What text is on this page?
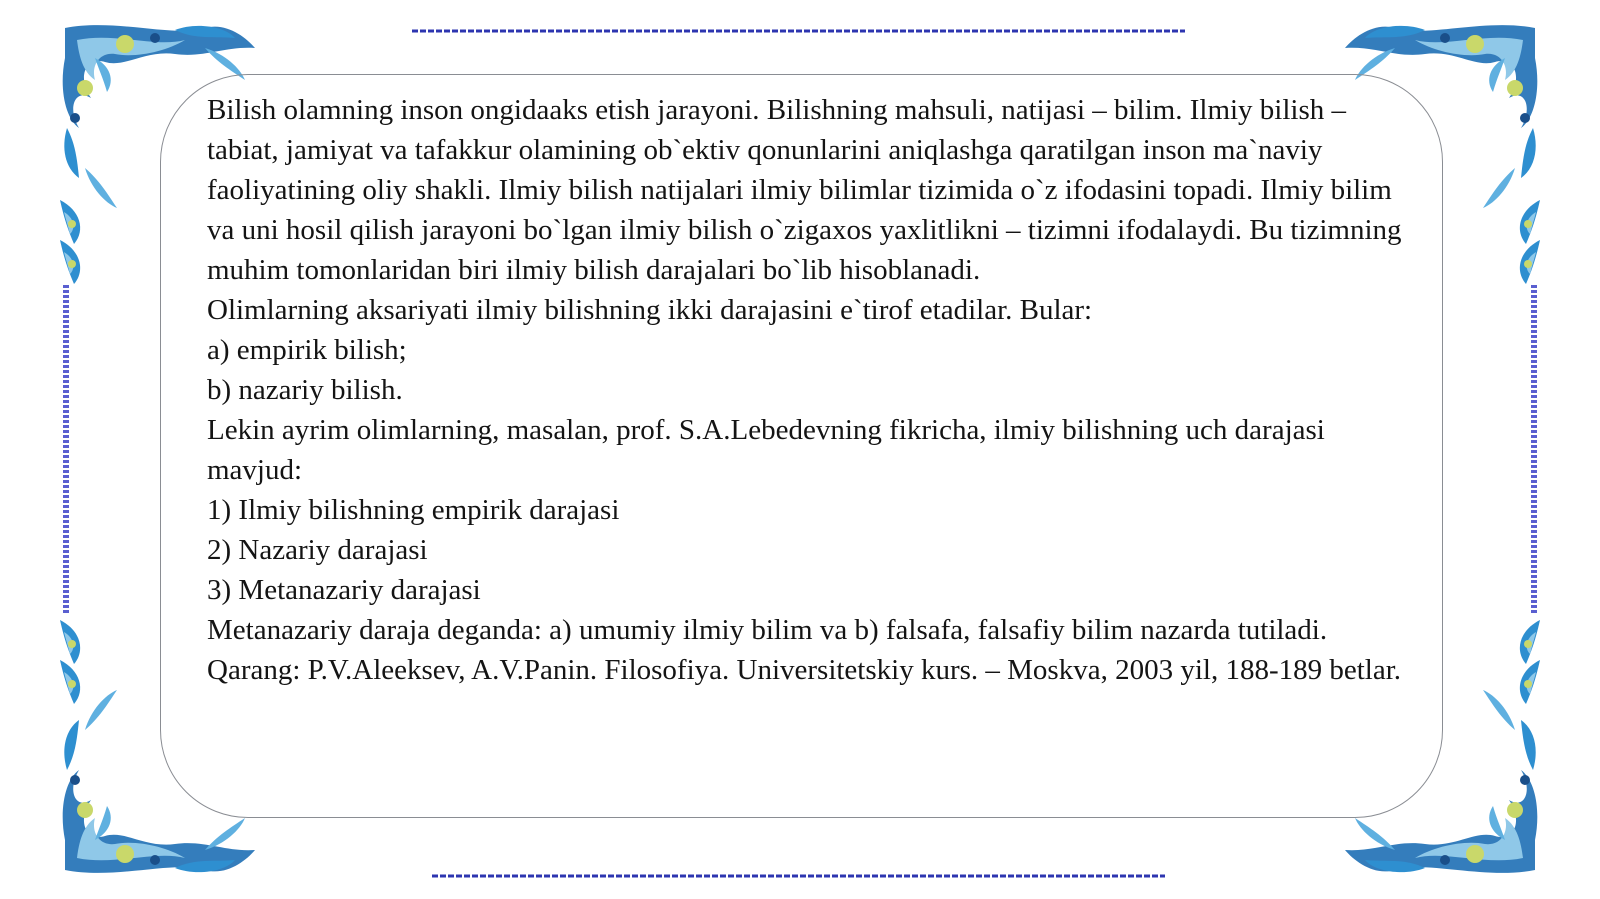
Bilish olamning inson ongidaaks etish jarayoni. Bilishning mahsuli, natijasi – bilim. Ilmiy bilish – tabiat, jamiyat va tafakkur olamining ob`ektiv qonunlarini aniqlashga qaratilgan inson ma`naviy faoliyatining oliy shakli. Ilmiy bilish natijalari ilmiy bilimlar tizimida o`z ifodasini topadi. Ilmiy bilim va uni hosil qilish jarayoni bo`lgan ilmiy bilish o`zigaxos yaxlitlikni – tizimni ifodalaydi. Bu tizimning muhim tomonlaridan biri ilmiy bilish darajalari bo`lib hisoblanadi.

Olimlarning aksariyati ilmiy bilishning ikki darajasini e`tirof etadilar. Bular:

a) empirik bilish;

b) nazariy bilish.

Lekin ayrim olimlarning, masalan, prof. S.A.Lebedevning fikricha, ilmiy bilishning uch darajasi mavjud:

1) Ilmiy bilishning empirik darajasi

2) Nazariy darajasi

3) Metanazariy darajasi

Metanazariy daraja deganda: a) umumiy ilmiy bilim va b) falsafa, falsafiy bilim nazarda tutiladi.

Qarang: P.V.Aleeksev, A.V.Panin. Filosofiya. Universitetskiy kurs. – Moskva, 2003 yil, 188-189 betlar.
